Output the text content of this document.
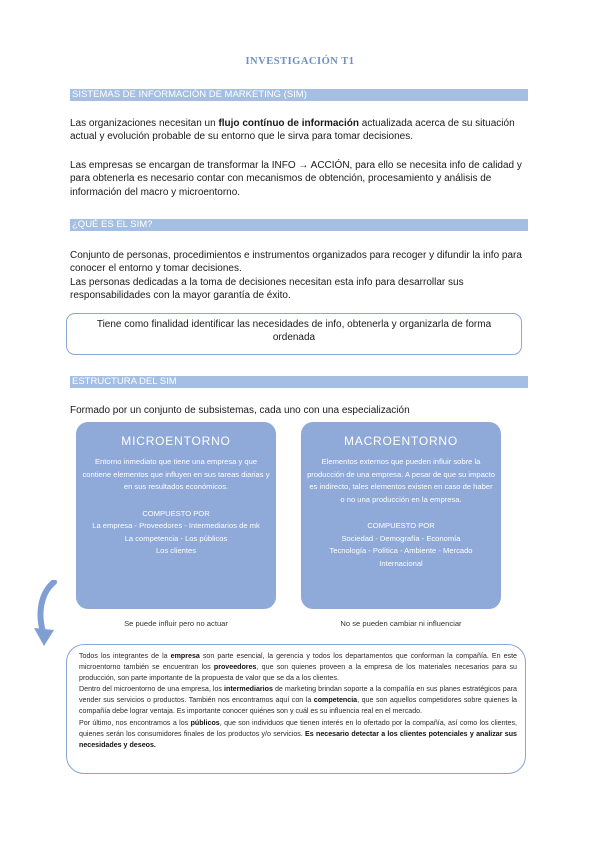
INVESTIGACIÓN T1
SISTEMAS DE INFORMACIÓN DE MARKETING (SIM)

Las organizaciones necesitan un flujo contínuo de información actualizada acerca de su situación actual y evolución probable de su entorno que le sirva para tomar decisiones.

Las empresas se encargan de transformar la INFO → ACCIÓN, para ello se necesita info de calidad y para obtenerla es necesario contar con mecanismos de obtención, procesamiento y análisis de información del macro y microentorno.

¿QUÉ ES EL SIM?

Conjunto de personas, procedimientos e instrumentos organizados para recoger y difundir la info para conocer el entorno y tomar decisiones.

Las personas dedicadas a la toma de decisiones necesitan esta info para desarrollar sus responsabilidades con la mayor garantía de éxito.

Tiene como finalidad identificar las necesidades de info, obtenerla y organizarla de forma
ordenada
ESTRUCTURA DEL SIM

Formado por un conjunto de subsistemas, cada uno con una especialización

MICROENTORNO

Entorno inmediato que tiene una empresa y que contiene elementos que influyen en sus tareas diarias y en sus resultados económicos.

COMPUESTO POR

La empresa - Proveedores - Intermediarios de mk

La competencia - Los públicos

Los clientes

MACROENTORNO

Elementos externos que pueden influir sobre la producción de una empresa. A pesar de que su impacto es indirecto, tales elementos existen en caso de haber o no una producción en la empresa.

COMPUESTO POR

Sociedad - Demografía - Economía

Tecnología - Política - Ambiente - Mercado

Internacional

Se puede influir pero no actuar	No se pueden cambiar ni influenciar

Todos los integrantes de la empresa son parte esencial, la gerencia y todos los departamentos que conforman la compañía. En este microentorno también se encuentran los proveedores, que son quienes proveen a la empresa de los materiales necesarios para su producción, son parte importante de la propuesta de valor que se da a los clientes.

Dentro del microentorno de una empresa, los intermediarios de marketing brindan soporte a la compañía en sus planes estratégicos para vender sus servicios o productos. También nos encontramos aquí con la competencia, que son aquellos competidores sobre quienes la compañía debe lograr ventaja. Es importante conocer quiénes son y cuál es su influencia real en el mercado.

Por último, nos encontramos a los públicos, que son individuos que tienen interés en lo ofertado por la compañía, así como los clientes, quienes serán los consumidores finales de los productos y/o servicios. Es necesario detectar a los clientes potenciales y analizar sus necesidades y deseos.
